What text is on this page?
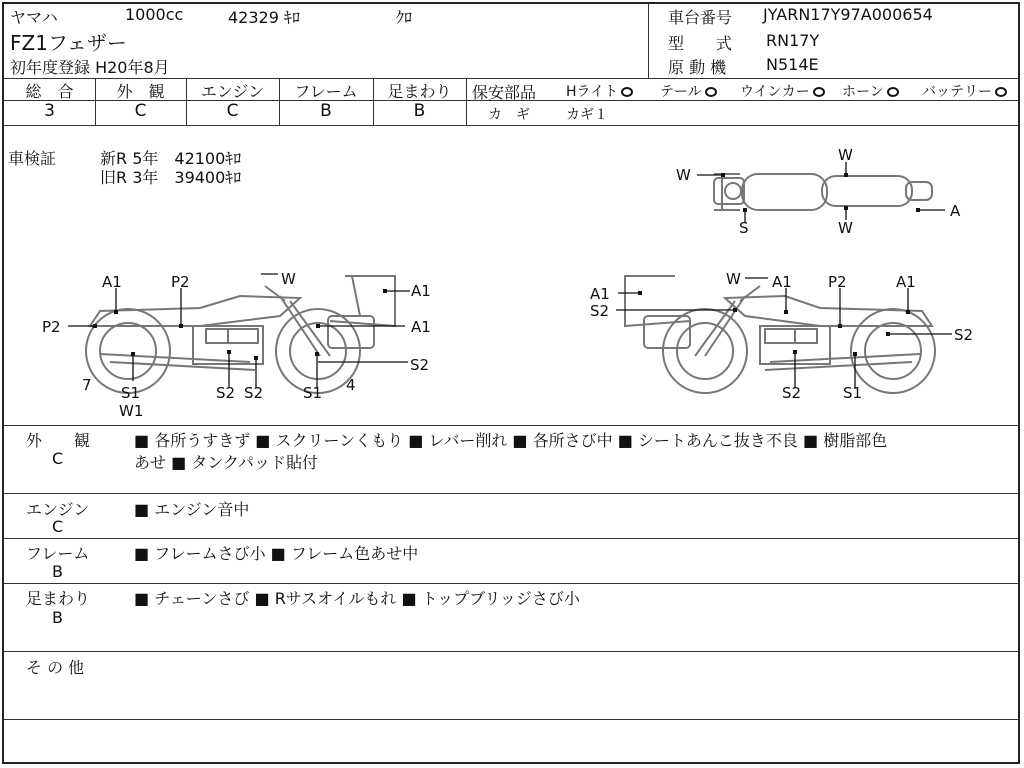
ヤマハ	1000cc	42329 ｷﾛ	ｸﾛ
FZ1フェザー
初年度登録 H20年8月
車台番号 JYARN17Y97A000654
型　　式 RN17Y
原 動 機 N514E
総　合	外　観	エンジン	フレーム	足まわり
3	C	C	B	B
保安部品 Hライト	テール	ウインカー	ホーン	バッテリー
カ　ギ	カギ１
車検証	新R 5年　42100ｷﾛ
旧R 3年　39400ｷﾛ	W
W
S	W
A
A1	P2	W
A1
P2	A1
S2
7 S1
W1
S2 S2	S1 4
W A1 P2	A1
A1
S2
S2
S2	S1
外　　観
C
■ 各所うすきず ■ スクリーンくもり ■ レバー削れ ■ 各所さび中 ■ シートあんこ抜き不良 ■ 樹脂部色
あせ ■ タンクパッド貼付
エンジン
C
■ エンジン音中
フレーム
B
■ フレームさび小 ■ フレーム色あせ中
足まわり
B
■ チェーンさび ■ Rサスオイルもれ ■ トップブリッジさび小
そ の 他
